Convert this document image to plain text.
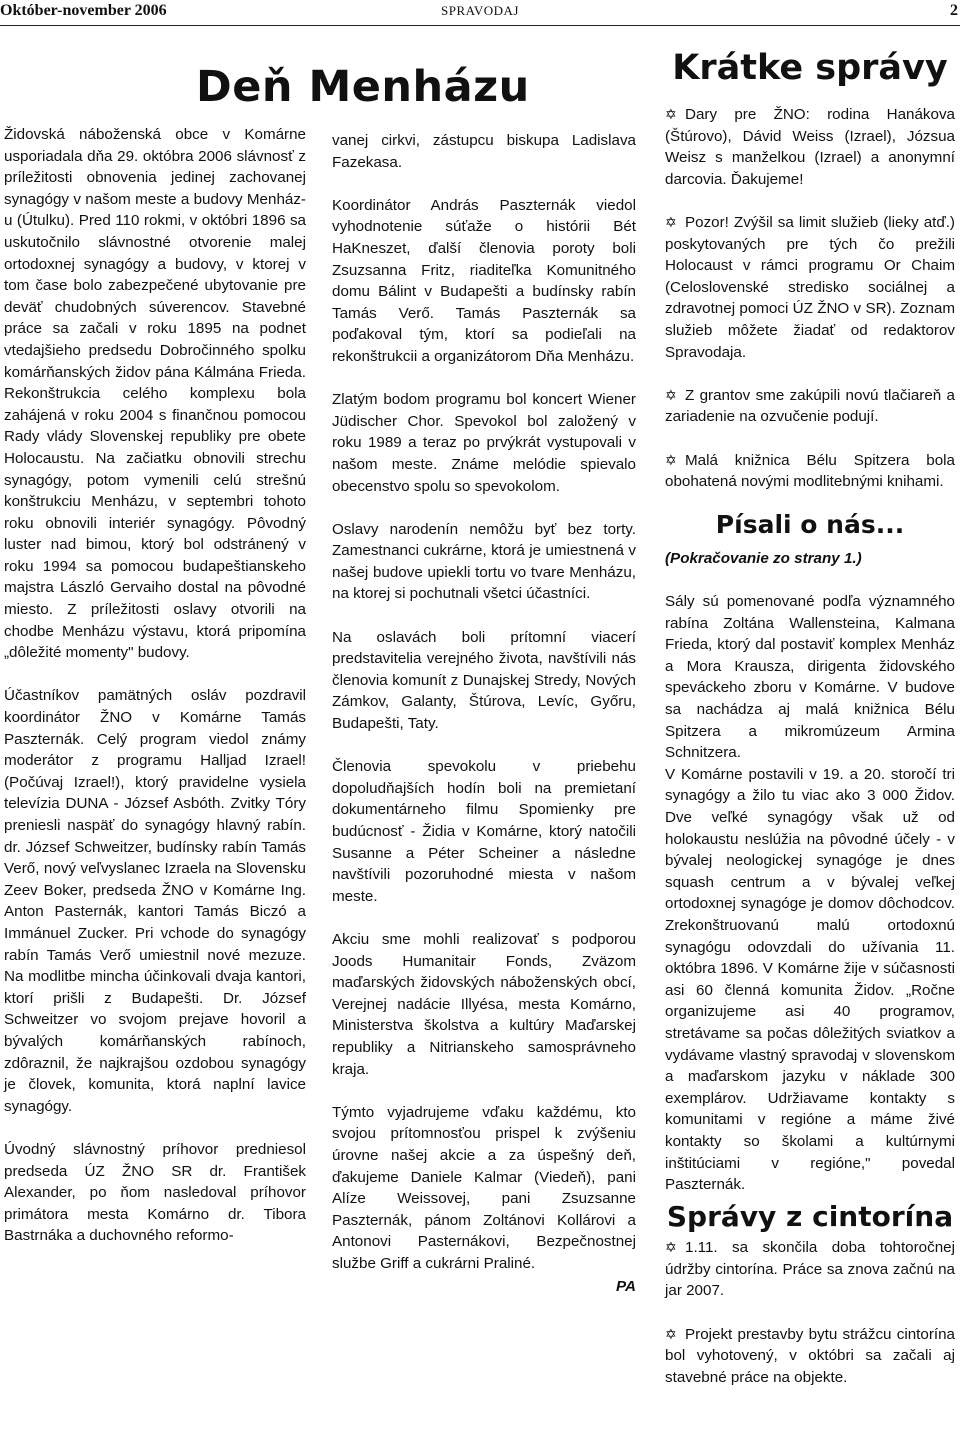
Október-november 2006	SPRAVODAJ	2
Deň Menházu

Židovská náboženská obce v Komárne usporiadala dňa 29. októbra 2006 slávnosť z príležitosti obnovenia jedinej zachovanej synagógy v našom meste a budovy Menház-u (Útulku). Pred 110 rokmi, v októbri 1896 sa uskutočnilo slávnostné otvorenie malej ortodoxnej synagógy a budovy, v ktorej v tom čase bolo zabezpečené ubytovanie pre deväť chudobných súverencov. Stavebné práce sa začali v roku 1895 na podnet vtedajšieho predsedu Dobročinného spolku komárňanských židov pána Kálmána Frieda. Rekonštrukcia celého komplexu bola zahájená v roku 2004 s finančnou pomocou Rady vlády Slovenskej republiky pre obete Holocaustu. Na začiatku obnovili strechu synagógy, potom vymenili celú strešnú konštrukciu Menházu, v septembri tohoto roku obnovili interiér synagógy. Pôvodný luster nad bimou, ktorý bol odstránený v roku 1994 sa pomocou budapeštianskeho majstra László Gervaiho dostal na pôvodné miesto. Z príležitosti oslavy otvorili na chodbe Menházu výstavu, ktorá pripomína „dôležité momenty" budovy.

Účastníkov pamätných osláv pozdravil koordinátor ŽNO v Komárne Tamás Paszternák. Celý program viedol známy moderátor z programu Halljad Izrael! (Počúvaj Izrael!), ktorý pravidelne vysiela televízia DUNA - József Asbóth. Zvitky Tóry preniesli naspäť do synagógy hlavný rabín. dr. József Schweitzer, budínsky rabín Tamás Verő, nový veľvyslanec Izraela na Slovensku Zeev Boker, predseda ŽNO v Komárne Ing. Anton Pasternák, kantori Tamás Biczó a Immánuel Zucker. Pri vchode do synagógy rabín Tamás Verő umiestnil nové mezuze. Na modlitbe mincha účinkovali dvaja kantori, ktorí prišli z Budapešti. Dr. József Schweitzer vo svojom prejave hovoril a bývalých komárňanských rabínoch, zdôraznil, že najkrajšou ozdobou synagógy je človek, komunita, ktorá naplní lavice synagógy.

Úvodný slávnostný príhovor predniesol predseda ÚZ ŽNO SR dr. František Alexander, po ňom nasledoval príhovor primátora mesta Komárno dr. Tibora Bastrnáka a duchovného reformo-

vanej cirkvi, zástupcu biskupa Ladislava Fazekasa.

Koordinátor András Paszternák viedol vyhodnotenie súťaže o histórii Bét HaKneszet, ďalší členovia poroty boli Zsuzsanna Fritz, riaditeľka Komunitného domu Bálint v Budapešti a budínsky rabín Tamás Verő. Tamás Paszternák sa poďakoval tým, ktorí sa podieľali na rekonštrukcii a organizátorom Dňa Menházu.

Zlatým bodom programu bol koncert Wiener Jüdischer Chor. Spevokol bol založený v roku 1989 a teraz po prvýkrát vystupovali v našom meste. Známe melódie spievalo obecenstvo spolu so spevokolom.

Oslavy narodenín nemôžu byť bez torty. Zamestnanci cukrárne, ktorá je umiestnená v našej budove upiekli tortu vo tvare Menházu, na ktorej si pochutnali všetci účastníci.

Na oslavách boli prítomní viacerí predstavitelia verejného života, navštívili nás členovia komunít z Dunajskej Stredy, Nových Zámkov, Galanty, Štúrova, Levíc, Győru, Budapešti, Taty.

Členovia spevokolu v priebehu dopoludňajších hodín boli na premietaní dokumentárneho filmu Spomienky pre budúcnosť - Židia v Komárne, ktorý natočili Susanne a Péter Scheiner a následne navštívili pozoruhodné miesta v našom meste.

Akciu sme mohli realizovať s podporou Joods Humanitair Fonds, Zväzom maďarských židovských náboženských obcí, Verejnej nadácie Illyésa, mesta Komárno, Ministerstva školstva a kultúry Maďarskej republiky a Nitrianskeho samosprávneho kraja.

Týmto vyjadrujeme vďaku každému, kto svojou prítomnosťou prispel k zvýšeniu úrovne našej akcie a za úspešný deň, ďakujeme Daniele Kalmar (Viedeň), pani Alíze Weissovej, pani Zsuzsanne Paszternák, pánom Zoltánovi Kollárovi a Antonovi Pasternákovi, Bezpečnostnej službe Griff a cukrárni Praliné.

PA
Krátke správy

✡ Dary pre ŽNO: rodina Hanákova (Štúrovo), Dávid Weiss (Izrael), Józsua Weisz s manželkou (Izrael) a anonymní darcovia. Ďakujeme!

✡ Pozor! Zvýšil sa limit služieb (lieky atď.) poskytovaných pre tých čo prežili Holocaust v rámci programu Or Chaim (Celoslovenské stredisko sociálnej a zdravotnej pomoci ÚZ ŽNO v SR). Zoznam služieb môžete žiadať od redaktorov Spravodaja.

✡ Z grantov sme zakúpili novú tlačiareň a zariadenie na ozvučenie podují.

✡ Malá knižnica Bélu Spitzera bola obohatená novými modlitebnými knihami.

Písali o nás...

(Pokračovanie zo strany 1.)

Sály sú pomenované podľa významného rabína Zoltána Wallensteina, Kalmana Frieda, ktorý dal postaviť komplex Menház a Mora Krausza, dirigenta židovského speváckeho zboru v Komárne. V budove sa nachádza aj malá knižnica Bélu Spitzera a mikromúzeum Armina Schnitzera.

V Komárne postavili v 19. a 20. storočí tri synagógy a žilo tu viac ako 3 000 Židov. Dve veľké synagógy však už od holokaustu neslúžia na pôvodné účely - v bývalej neologickej synagóge je dnes squash centrum a v bývalej veľkej ortodoxnej synagóge je domov dôchodcov. Zrekonštruovanú malú ortodoxnú synagógu odovzdali do užívania 11. októbra 1896. V Komárne žije v súčasnosti asi 60 členná komunita Židov. „Ročne organizujeme asi 40 programov, stretávame sa počas dôležitých sviatkov a vydávame vlastný spravodaj v slovenskom a maďarskom jazyku v náklade 300 exemplárov. Udržiavame kontakty s komunitami v regióne a máme živé kontakty so školami a kultúrnymi inštitúciami v regióne," povedal Paszternák.

Správy z cintorína

✡ 1.11. sa skončila doba tohtoročnej údržby cintorína. Práce sa znova začnú na jar 2007.

✡ Projekt prestavby bytu strážcu cintorína bol vyhotovený, v októbri sa začali aj stavebné práce na objekte.
